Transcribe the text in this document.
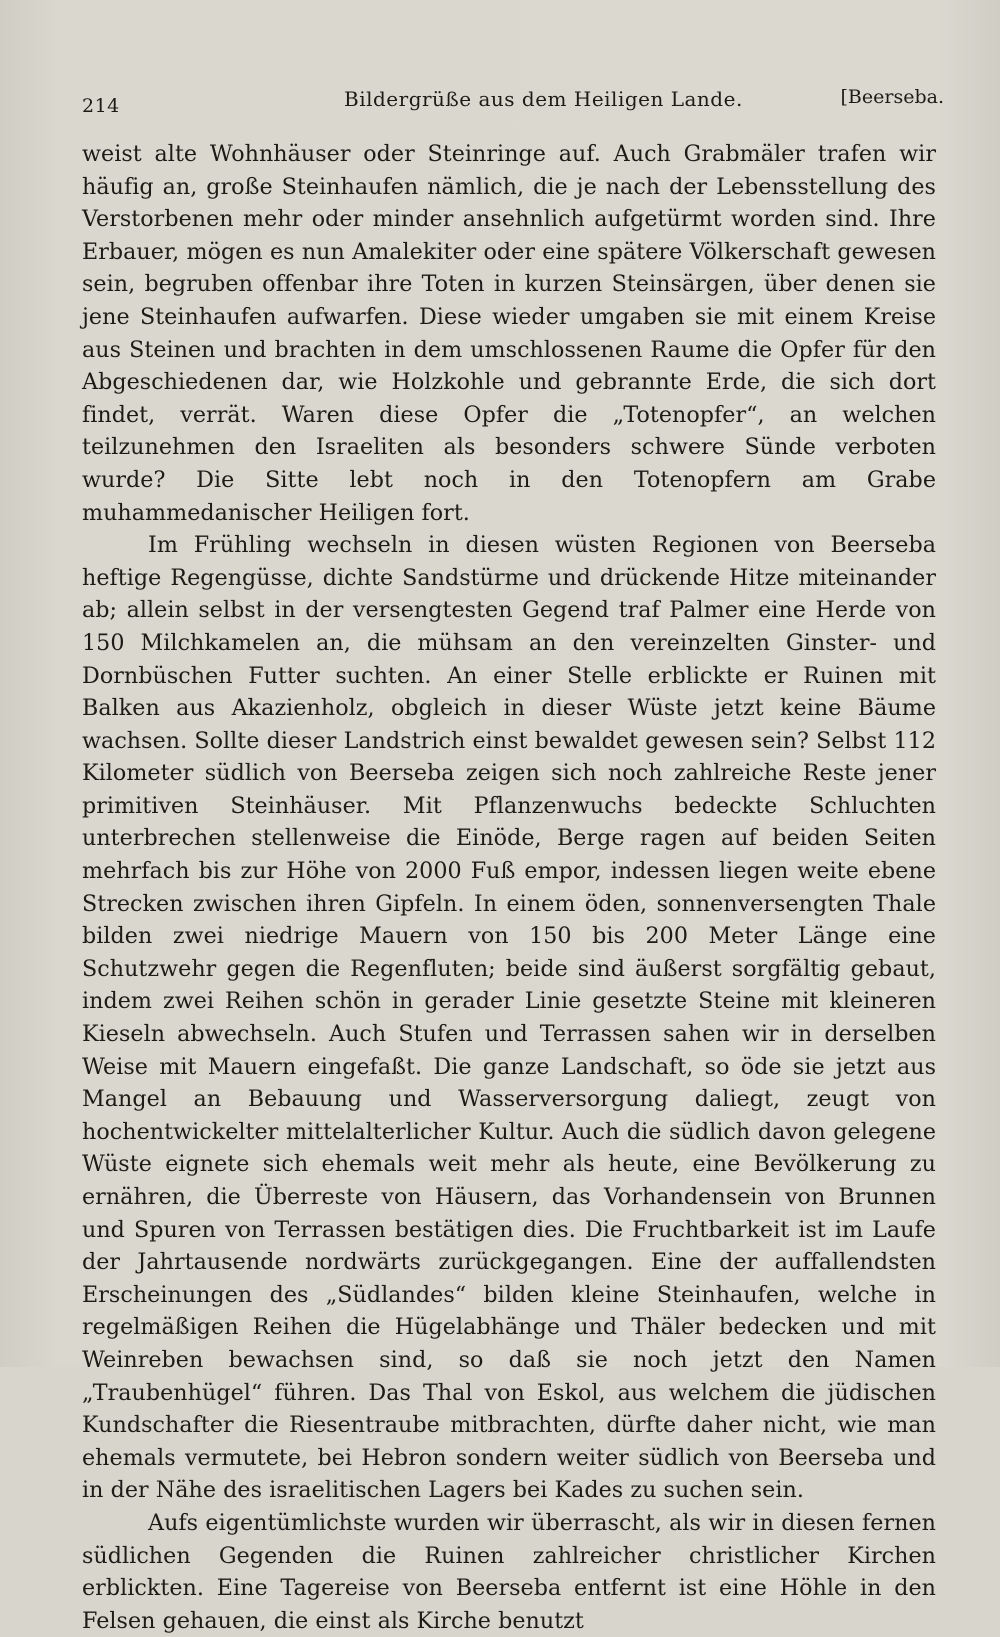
214	Bildergrüße aus dem Heiligen Lande.	[Beerseba.

weist alte Wohnhäuser oder Steinringe auf. Auch Grabmäler trafen wir häufig an, große Steinhaufen nämlich, die je nach der Lebensstellung des Verstorbenen mehr oder minder ansehnlich aufgetürmt worden sind. Ihre Erbauer, mögen es nun Amalekiter oder eine spätere Völkerschaft gewesen sein, begruben offenbar ihre Toten in kurzen Steinsärgen, über denen sie jene Steinhaufen aufwarfen. Diese wieder umgaben sie mit einem Kreise aus Steinen und brachten in dem umschlossenen Raume die Opfer für den Abgeschiedenen dar, wie Holzkohle und gebrannte Erde, die sich dort findet, verrät. Waren diese Opfer die „Totenopfer“, an welchen teilzunehmen den Israeliten als besonders schwere Sünde verboten wurde? Die Sitte lebt noch in den Totenopfern am Grabe muhammedanischer Heiligen fort.

Im Frühling wechseln in diesen wüsten Regionen von Beerseba heftige Regengüsse, dichte Sandstürme und drückende Hitze miteinander ab; allein selbst in der versengtesten Gegend traf Palmer eine Herde von 150 Milchkamelen an, die mühsam an den vereinzelten Ginster- und Dornbüschen Futter suchten. An einer Stelle erblickte er Ruinen mit Balken aus Akazienholz, obgleich in dieser Wüste jetzt keine Bäume wachsen. Sollte dieser Landstrich einst bewaldet gewesen sein? Selbst 112 Kilometer südlich von Beerseba zeigen sich noch zahlreiche Reste jener primitiven Steinhäuser. Mit Pflanzenwuchs bedeckte Schluchten unterbrechen stellenweise die Einöde, Berge ragen auf beiden Seiten mehrfach bis zur Höhe von 2000 Fuß empor, indessen liegen weite ebene Strecken zwischen ihren Gipfeln. In einem öden, sonnenversengten Thale bilden zwei niedrige Mauern von 150 bis 200 Meter Länge eine Schutzwehr gegen die Regenfluten; beide sind äußerst sorgfältig gebaut, indem zwei Reihen schön in gerader Linie gesetzte Steine mit kleineren Kieseln abwechseln. Auch Stufen und Terrassen sahen wir in derselben Weise mit Mauern eingefaßt. Die ganze Landschaft, so öde sie jetzt aus Mangel an Bebauung und Wasserversorgung daliegt, zeugt von hochentwickelter mittelalterlicher Kultur. Auch die südlich davon gelegene Wüste eignete sich ehemals weit mehr als heute, eine Bevölkerung zu ernähren, die Überreste von Häusern, das Vorhandensein von Brunnen und Spuren von Terrassen bestätigen dies. Die Fruchtbarkeit ist im Laufe der Jahrtausende nordwärts zurückgegangen. Eine der auffallendsten Erscheinungen des „Südlandes“ bilden kleine Steinhaufen, welche in regelmäßigen Reihen die Hügelabhänge und Thäler bedecken und mit Weinreben bewachsen sind, so daß sie noch jetzt den Namen „Traubenhügel“ führen. Das Thal von Eskol, aus welchem die jüdischen Kundschafter die Riesentraube mitbrachten, dürfte daher nicht, wie man ehemals vermutete, bei Hebron sondern weiter südlich von Beerseba und in der Nähe des israelitischen Lagers bei Kades zu suchen sein.

Aufs eigentümlichste wurden wir überrascht, als wir in diesen fernen südlichen Gegenden die Ruinen zahlreicher christlicher Kirchen erblickten. Eine Tagereise von Beerseba entfernt ist eine Höhle in den Felsen gehauen, die einst als Kirche benutzt
